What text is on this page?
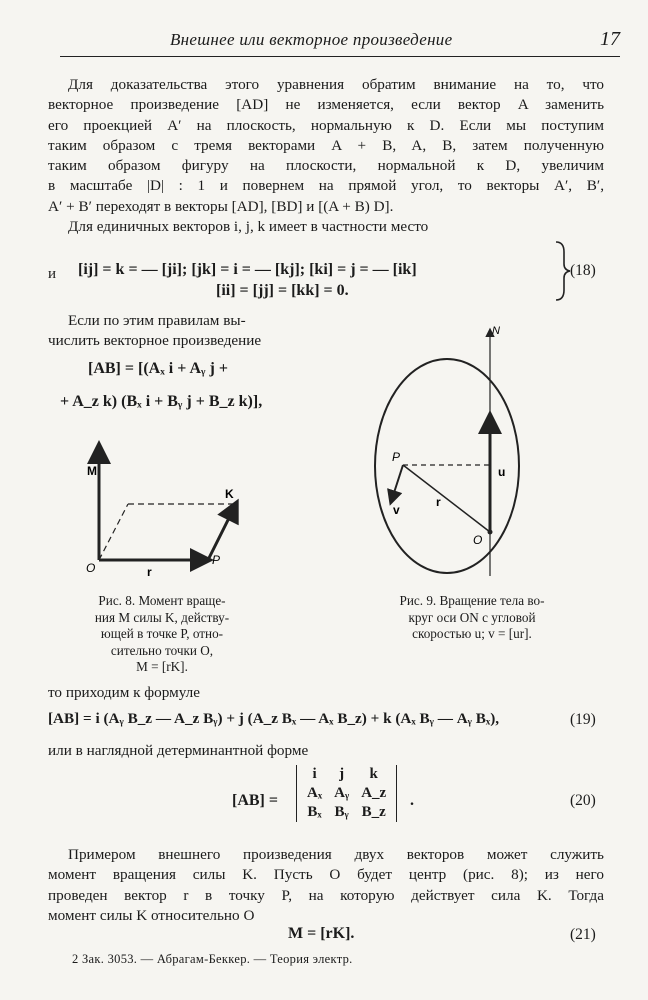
Внешнее или векторное произведение	17
Для доказательства этого уравнения обратим внимание на то, что
векторное произведение [AD] не изменяется, если вектор A заменить
его проекцией A′ на плоскость, нормальную к D. Если мы поступим
таким образом с тремя векторами A + B, A, B, затем полученную
таким образом фигуру на плоскости, нормальной к D, увеличим
в масштабе |D| : 1 и повернем на прямой угол, то векторы A′, B′,
A′ + B′ переходят в векторы [AD], [BD] и [(A + B) D].
Для единичных векторов i, j, k имеет в частности место
[ij] = k = — [ji]; [jk] = i = — [kj]; [ki] = j = — [ik]
и
[ii] = [jj] = [kk] = 0.
(18)
Если по этим правилам вы-
числить векторное произведение
[AB] = [(Aₓ i + Aᵧ j +
+ A_z k) (Bₓ i + Bᵧ j + B_z k)],
M
K
O	r
P
Рис. 8. Момент враще-
ния M силы K, действу-
ющей в точке P, отно-
сительно точки O,
M = [rK].
N
P
u
v
r
O
Рис. 9. Вращение тела во-
круг оси ON с угловой
скоростью u; v = [ur].
то приходим к формуле
[AB] = i (Aᵧ B_z — A_z Bᵧ) + j (A_z Bₓ — Aₓ B_z) + k (Aₓ Bᵧ — Aᵧ Bₓ),	(19)
или в наглядной детерминантной форме
[AB] =
i	j	k
Aₓ	Aᵧ	A_z
Bₓ	Bᵧ	B_z
.	(20)
Примером внешнего произведения двух векторов может служить
момент вращения силы K. Пусть O будет центр (рис. 8); из него
проведен вектор r в точку P, на которую действует сила K. Тогда
момент силы K относительно O
M = [rK].	(21)
2 Зак. 3053. — Абрагам-Беккер. — Теория электр.
